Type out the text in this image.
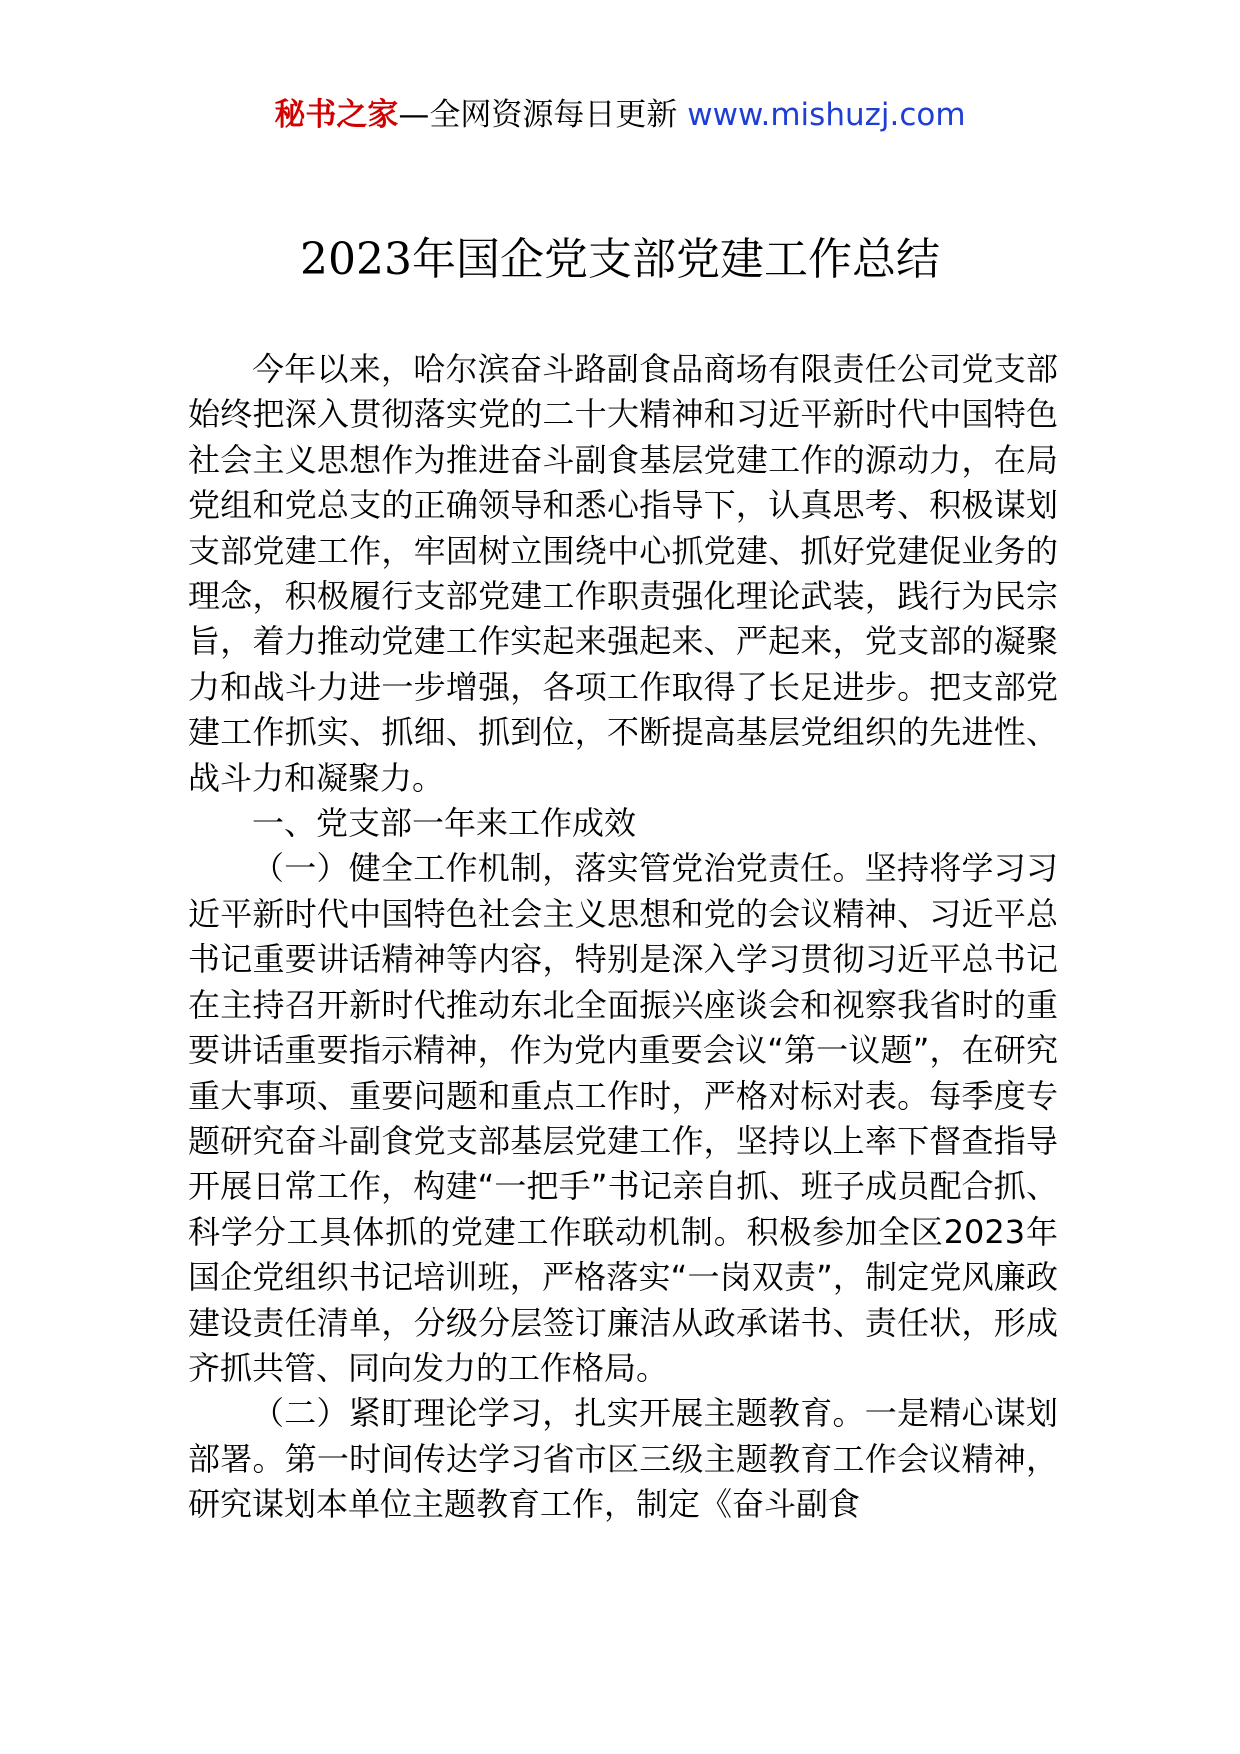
秘书之家—全网资源每日更新 www.mishuzj.com
2023年国企党支部党建工作总结

今年以来，哈尔滨奋斗路副食品商场有限责任公司党支部始终把深入贯彻落实党的二十大精神和习近平新时代中国特色社会主义思想作为推进奋斗副食基层党建工作的源动力，在局党组和党总支的正确领导和悉心指导下，认真思考、积极谋划支部党建工作，牢固树立围绕中心抓党建、抓好党建促业务的理念，积极履行支部党建工作职责强化理论武装，践行为民宗旨，着力推动党建工作实起来强起来、严起来，党支部的凝聚力和战斗力进一步增强，各项工作取得了长足进步。把支部党建工作抓实、抓细、抓到位，不断提高基层党组织的先进性、战斗力和凝聚力。

一、党支部一年来工作成效

（一）健全工作机制，落实管党治党责任。坚持将学习习近平新时代中国特色社会主义思想和党的会议精神、习近平总书记重要讲话精神等内容，特别是深入学习贯彻习近平总书记在主持召开新时代推动东北全面振兴座谈会和视察我省时的重要讲话重要指示精神，作为党内重要会议“第一议题”，在研究重大事项、重要问题和重点工作时，严格对标对表。每季度专题研究奋斗副食党支部基层党建工作，坚持以上率下督查指导开展日常工作，构建“一把手”书记亲自抓、班子成员配合抓、科学分工具体抓的党建工作联动机制。积极参加全区2023年国企党组织书记培训班，严格落实“一岗双责”，制定党风廉政建设责任清单，分级分层签订廉洁从政承诺书、责任状，形成齐抓共管、同向发力的工作格局。

（二）紧盯理论学习，扎实开展主题教育。一是精心谋划部署。第一时间传达学习省市区三级主题教育工作会议精神，研究谋划本单位主题教育工作，制定《奋斗副食
